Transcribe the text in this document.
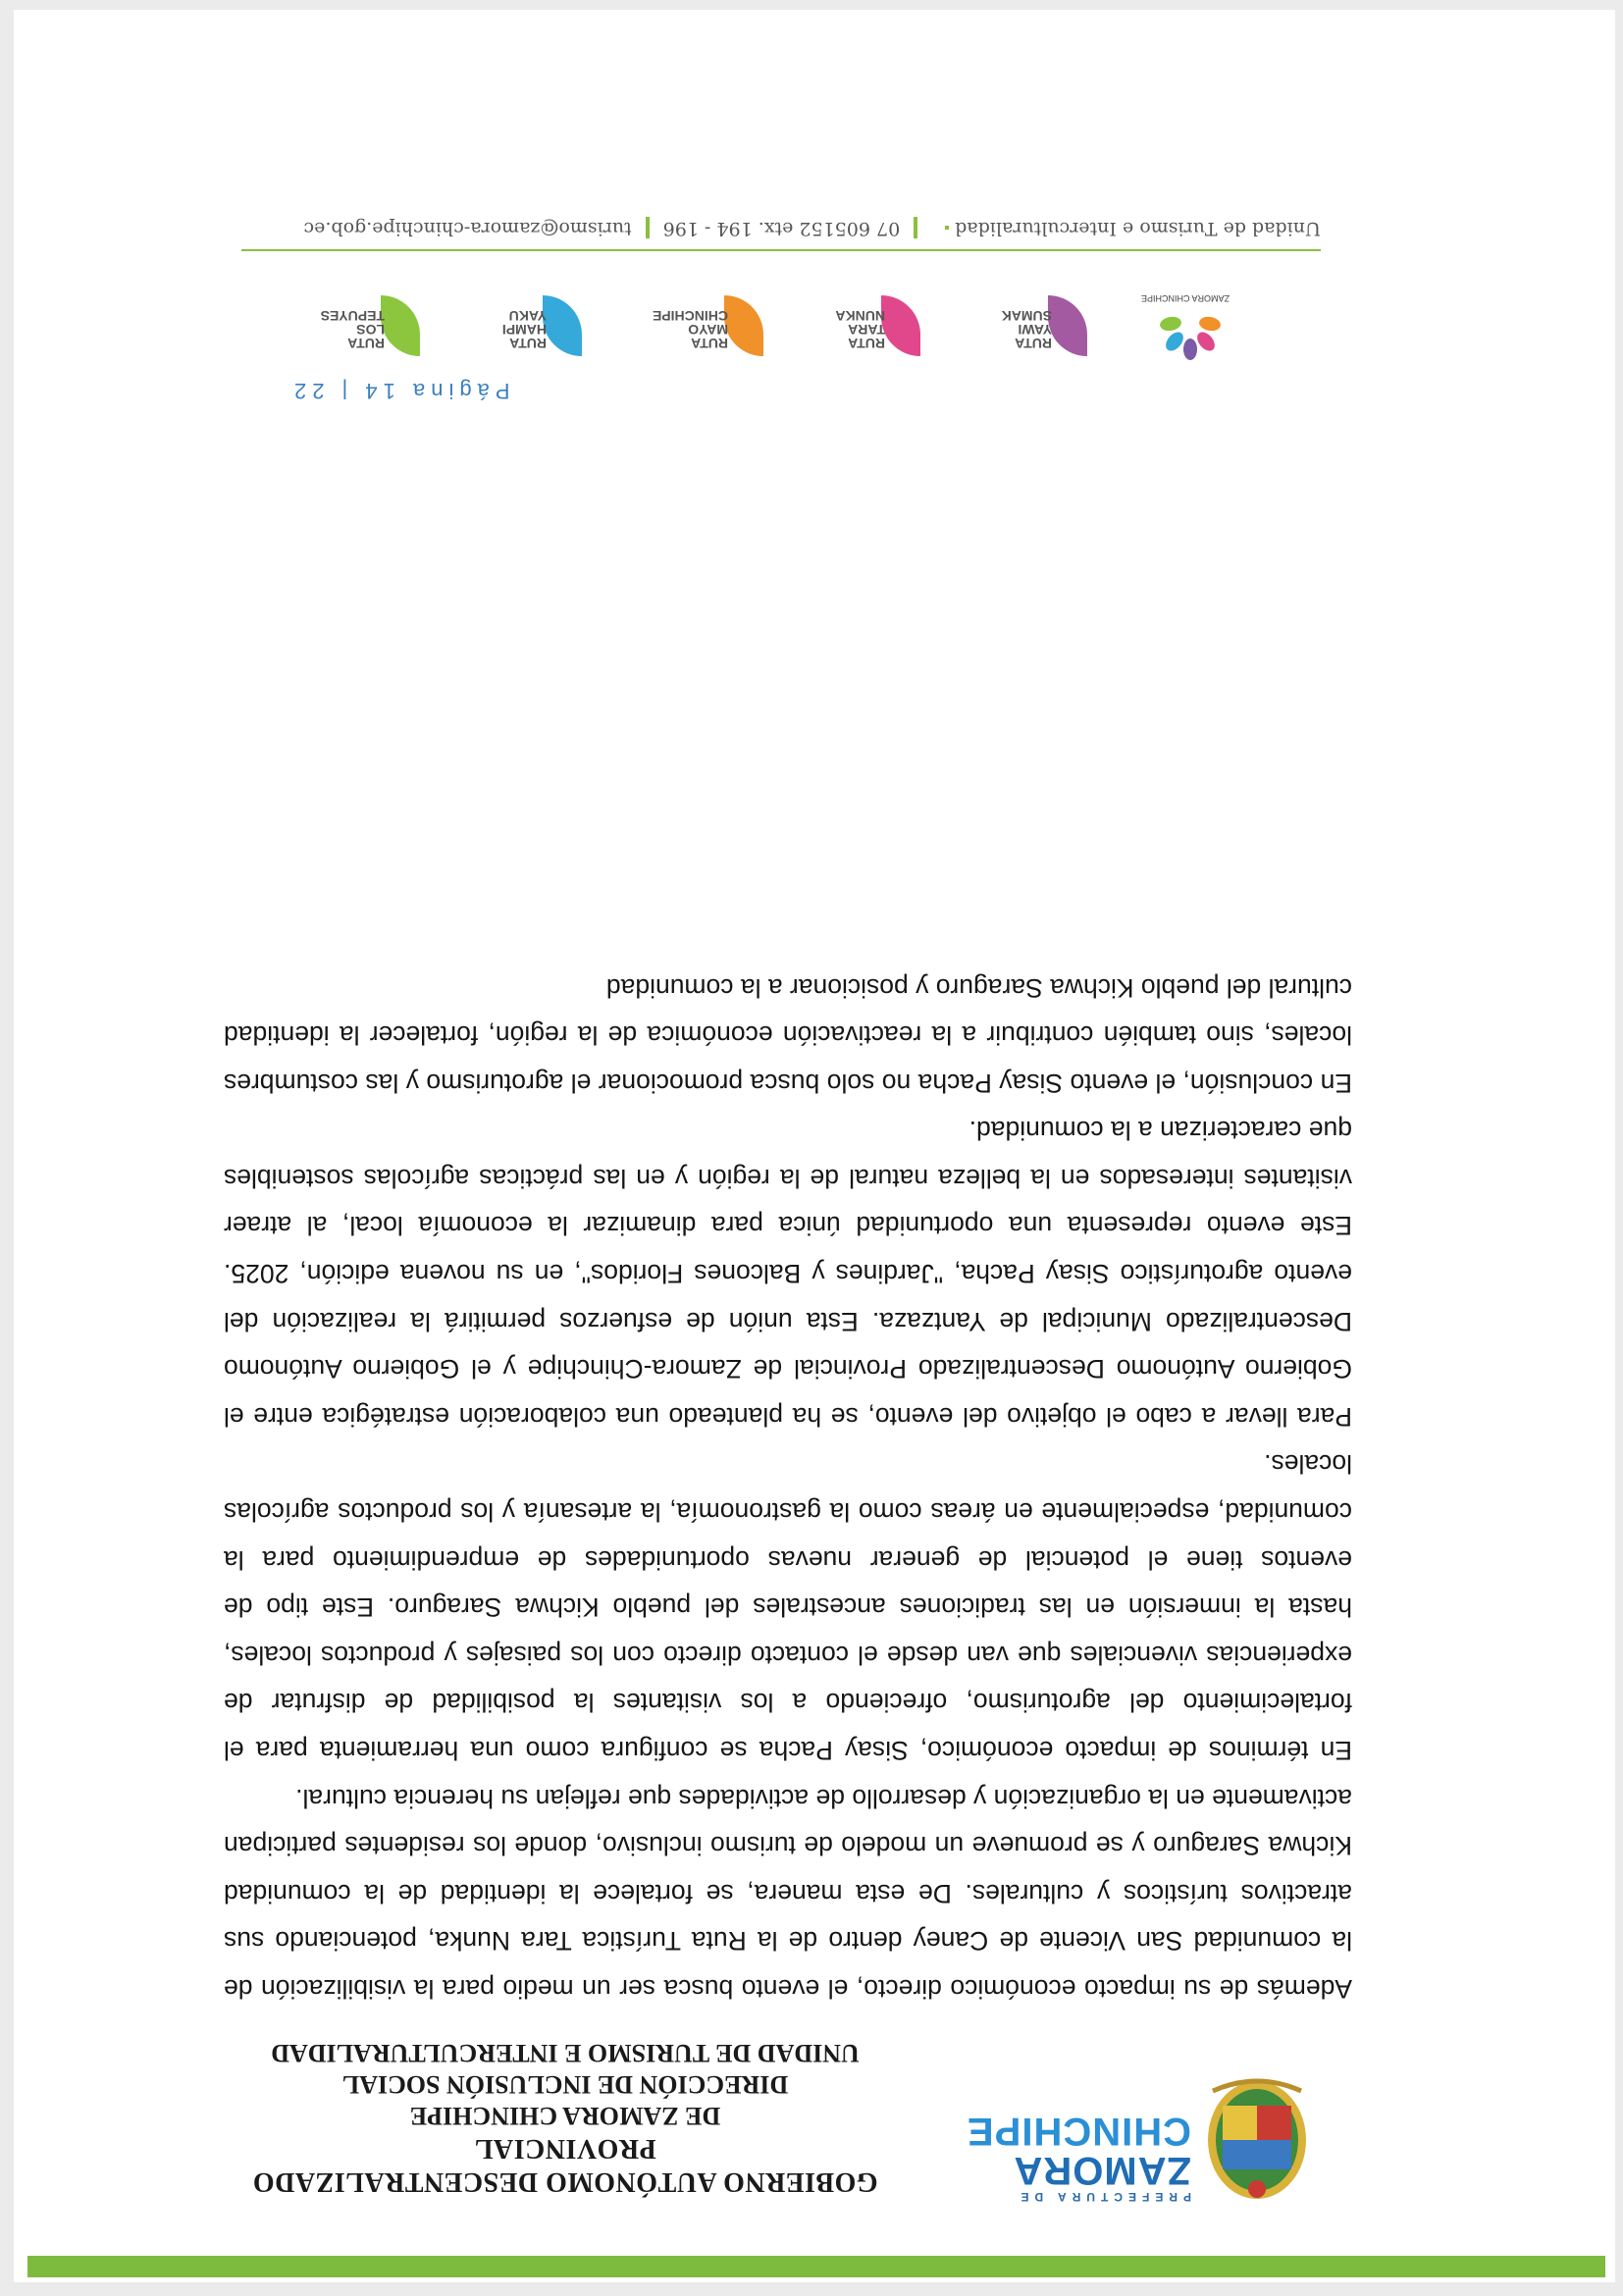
PREFECTURA DE
ZAMORA
CHINCHIPE
GOBIERNO AUTÓNOMO DESCENTRALIZADO PROVINCIAL
DE ZAMORA CHINCHIPE
DIRECCIÓN DE INCLUSIÓN SOCIAL
UNIDAD DE TURISMO E INTERCULTURALIDAD

Además de su impacto económico directo, el evento busca ser un medio para la visibilización de la comunidad San Vicente de Caney dentro de la Ruta Turística Tara Nunka, potenciando sus atractivos turísticos y culturales. De esta manera, se fortalece la identidad de la comunidad Kichwa Saraguro y se promueve un modelo de turismo inclusivo, donde los residentes participan activamente en la organización y desarrollo de actividades que reflejan su herencia cultural.

En términos de impacto económico, Sisay Pacha se configura como una herramienta para el fortalecimiento del agroturismo, ofreciendo a los visitantes la posibilidad de disfrutar de experiencias vivenciales que van desde el contacto directo con los paisajes y productos locales, hasta la inmersión en las tradiciones ancestrales del pueblo Kichwa Saraguro. Este tipo de eventos tiene el potencial de generar nuevas oportunidades de emprendimiento para la comunidad, especialmente en áreas como la gastronomía, la artesanía y los productos agrícolas locales.

Para llevar a cabo el objetivo del evento, se ha planteado una colaboración estratégica entre el Gobierno Autónomo Descentralizado Provincial de Zamora-Chinchipe y el Gobierno Autónomo Descentralizado Municipal de Yantzaza. Esta unión de esfuerzos permitirá la realización del evento agroturístico Sisay Pacha, "Jardines y Balcones Floridos", en su novena edición, 2025. Este evento representa una oportunidad única para dinamizar la economía local, al atraer visitantes interesados en la belleza natural de la región y en las prácticas agrícolas sostenibles que caracterizan a la comunidad.

En conclusión, el evento Sisay Pacha no solo busca promocionar el agroturismo y las costumbres locales, sino también contribuir a la reactivación económica de la región, fortalecer la identidad cultural del pueblo Kichwa Saraguro y posicionar a la comunidad

Página 14 | 22
ZAMORA CHINCHIPE
RUTA
YAWI
SUMAK
RUTA
TARA
NUNKA
RUTA
MAYO
CHINCHIPE
RUTA
HAMPI
YAKU
RUTA
LOS
TEPUYES
Unidad de Turismo e Interculturalidad07 605152 etx. 194 - 196turismo@zamora-chinchipe.gob.ec
